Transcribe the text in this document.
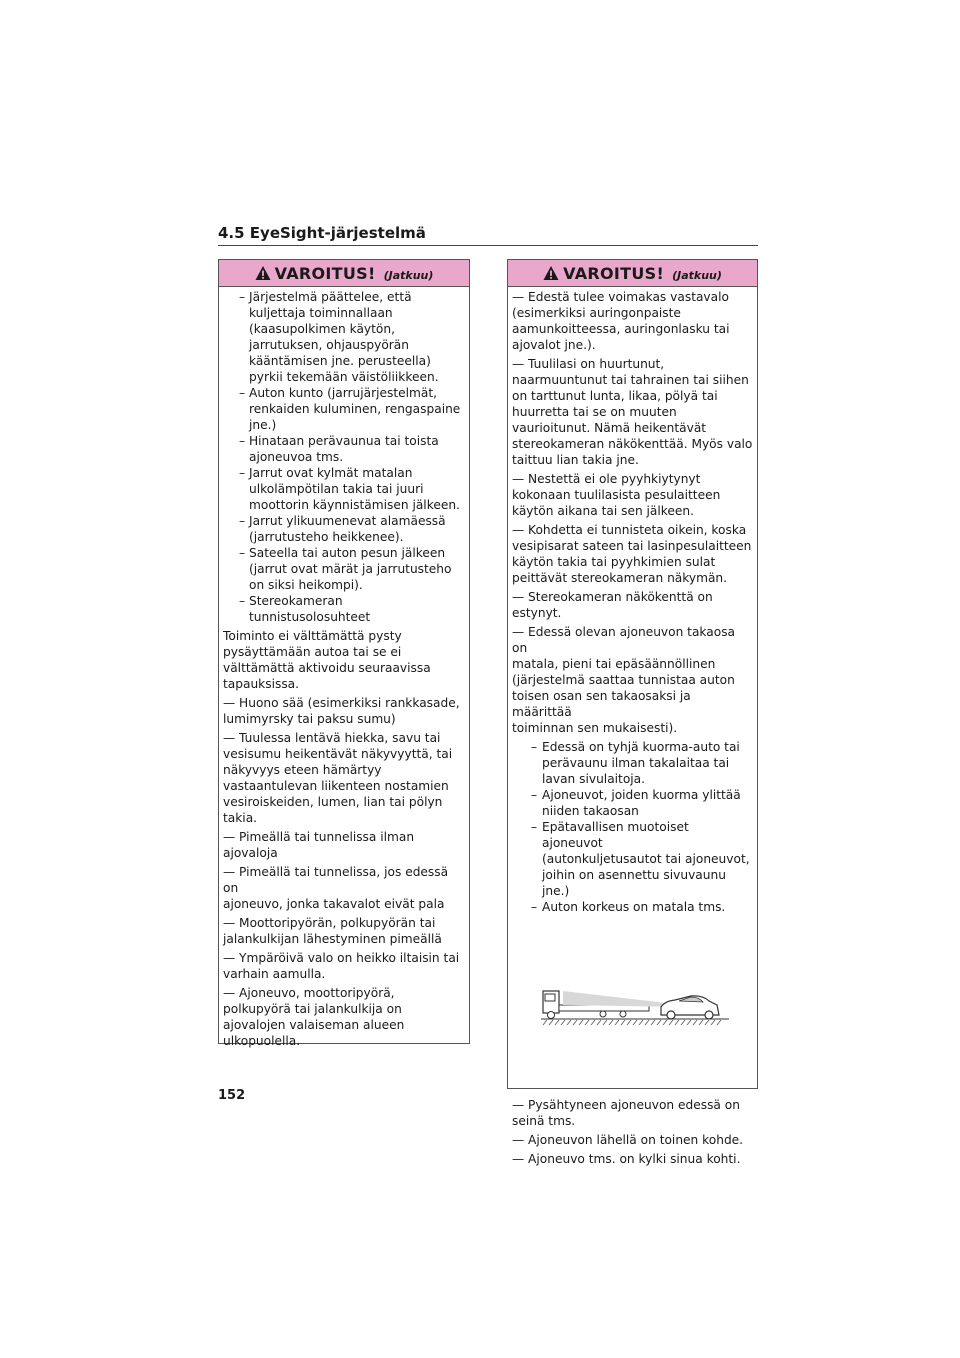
4.5 EyeSight-järjestelmä
VAROITUS! (Jatkuu)
– Järjestelmä päättelee, että
kuljettaja toiminnallaan
(kaasupolkimen käytön,
jarrutuksen, ohjauspyörän
kääntämisen jne. perusteella)
pyrkii tekemään väistöliikkeen.
– Auton kunto (jarrujärjestelmät,
renkaiden kuluminen, rengaspaine
jne.)
– Hinataan perävaunua tai toista
ajoneuvoa tms.
– Jarrut ovat kylmät matalan
ulkolämpötilan takia tai juuri
moottorin käynnistämisen jälkeen.
– Jarrut ylikuumenevat alamäessä
(jarrutusteho heikkenee).
– Sateella tai auton pesun jälkeen
(jarrut ovat märät ja jarrutusteho
on siksi heikompi).
– Stereokameran
tunnistusolosuhteet
Toiminto ei välttämättä pysty
pysäyttämään autoa tai se ei
välttämättä aktivoidu seuraavissa
tapauksissa.
— Huono sää (esimerkiksi rankkasade,
lumimyrsky tai paksu sumu)
— Tuulessa lentävä hiekka, savu tai
vesisumu heikentävät näkyvyyttä, tai
näkyvyys eteen hämärtyy
vastaantulevan liikenteen nostamien
vesiroiskeiden, lumen, lian tai pölyn
takia.
— Pimeällä tai tunnelissa ilman
ajovaloja
— Pimeällä tai tunnelissa, jos edessä on
ajoneuvo, jonka takavalot eivät pala
— Moottoripyörän, polkupyörän tai
jalankulkijan lähestyminen pimeällä
— Ympäröivä valo on heikko iltaisin tai
varhain aamulla.
— Ajoneuvo, moottoripyörä,
polkupyörä tai jalankulkija on
ajovalojen valaiseman alueen
ulkopuolella.
VAROITUS! (Jatkuu)
— Edestä tulee voimakas vastavalo
(esimerkiksi auringonpaiste
aamunkoitteessa, auringonlasku tai
ajovalot jne.).
— Tuulilasi on huurtunut,
naarmuuntunut tai tahrainen tai siihen
on tarttunut lunta, likaa, pölyä tai
huurretta tai se on muuten
vaurioitunut. Nämä heikentävät
stereokameran näkökenttää. Myös valo
taittuu lian takia jne.
— Nestettä ei ole pyyhkiytynyt
kokonaan tuulilasista pesulaitteen
käytön aikana tai sen jälkeen.
— Kohdetta ei tunnisteta oikein, koska
vesipisarat sateen tai lasinpesulaitteen
käytön takia tai pyyhkimien sulat
peittävät stereokameran näkymän.
— Stereokameran näkökenttä on
estynyt.
— Edessä olevan ajoneuvon takaosa on
matala, pieni tai epäsäännöllinen
(järjestelmä saattaa tunnistaa auton
toisen osan sen takaosaksi ja määrittää
toiminnan sen mukaisesti).
– Edessä on tyhjä kuorma-auto tai
perävaunu ilman takalaitaa tai
lavan sivulaitoja.
– Ajoneuvot, joiden kuorma ylittää
niiden takaosan
– Epätavallisen muotoiset ajoneuvot
(autonkuljetusautot tai ajoneuvot,
joihin on asennettu sivuvaunu jne.)
– Auton korkeus on matala tms.
— Pysähtyneen ajoneuvon edessä on
seinä tms.
— Ajoneuvon lähellä on toinen kohde.
— Ajoneuvo tms. on kylki sinua kohti.
152
